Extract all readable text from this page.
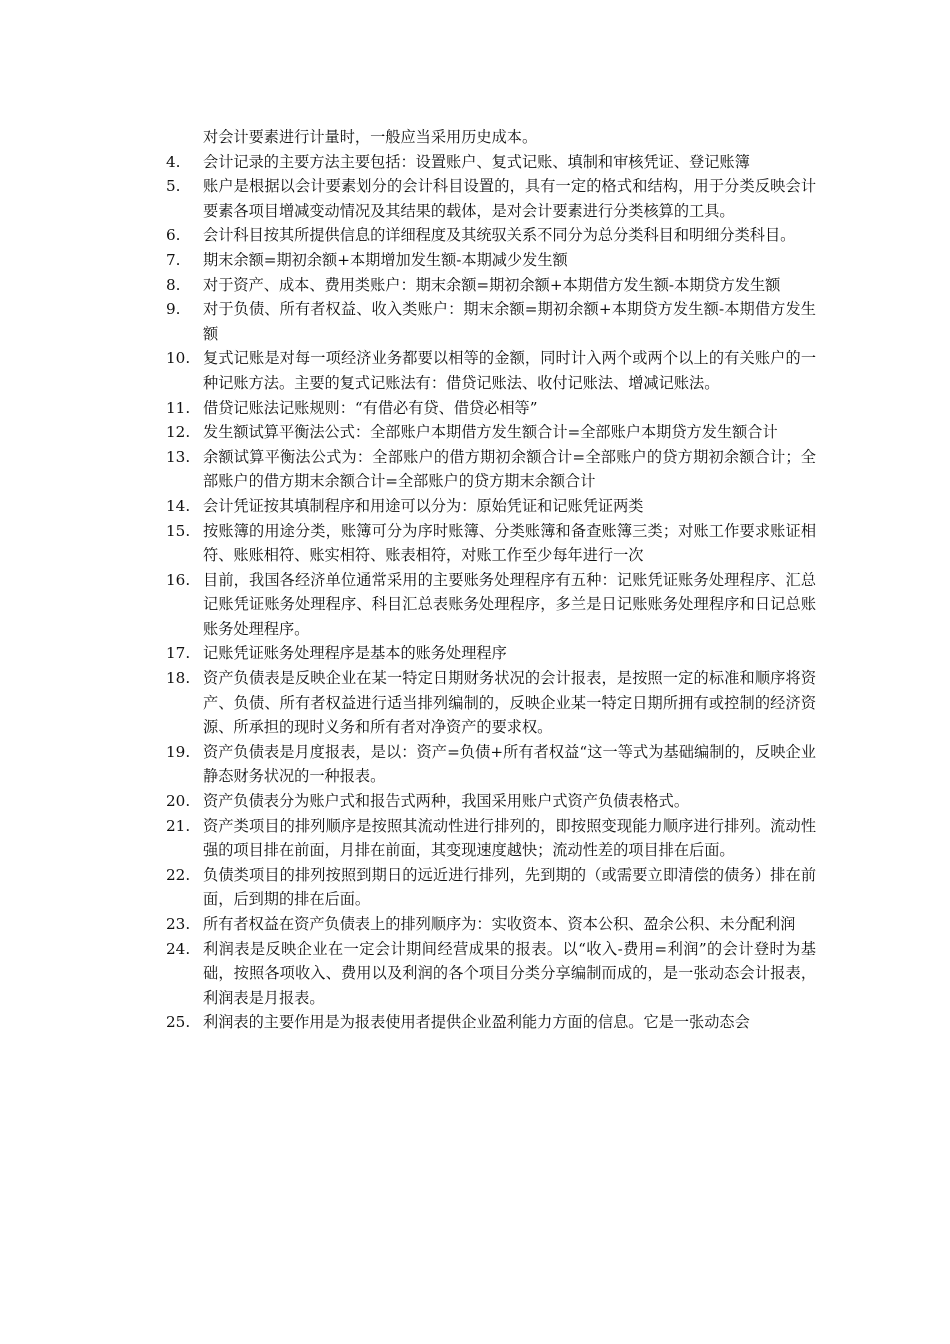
对会计要素进行计量时，一般应当采用历史成本。
4.	会计记录的主要方法主要包括：设置账户、复式记账、填制和审核凭证、登记账簿
5.	账户是根据以会计要素划分的会计科目设置的，具有一定的格式和结构，用于分类反映会计要素各项目增减变动情况及其结果的载体，是对会计要素进行分类核算的工具。
6.	会计科目按其所提供信息的详细程度及其统驭关系不同分为总分类科目和明细分类科目。
7.	期末余额=期初余额+本期增加发生额-本期减少发生额
8.	对于资产、成本、费用类账户：期末余额=期初余额+本期借方发生额-本期贷方发生额
9.	对于负债、所有者权益、收入类账户：期末余额=期初余额+本期贷方发生额-本期借方发生额
10. 复式记账是对每一项经济业务都要以相等的金额，同时计入两个或两个以上的有关账户的一种记账方法。主要的复式记账法有：借贷记账法、收付记账法、增减记账法。
11. 借贷记账法记账规则：“有借必有贷、借贷必相等”
12. 发生额试算平衡法公式：全部账户本期借方发生额合计=全部账户本期贷方发生额合计
13. 余额试算平衡法公式为：全部账户的借方期初余额合计=全部账户的贷方期初余额合计；全部账户的借方期末余额合计=全部账户的贷方期末余额合计
14. 会计凭证按其填制程序和用途可以分为：原始凭证和记账凭证两类
15. 按账簿的用途分类，账簿可分为序时账簿、分类账簿和备查账簿三类；对账工作要求账证相符、账账相符、账实相符、账表相符，对账工作至少每年进行一次
16. 目前，我国各经济单位通常采用的主要账务处理程序有五种：记账凭证账务处理程序、汇总记账凭证账务处理程序、科目汇总表账务处理程序，多兰是日记账账务处理程序和日记总账账务处理程序。
17. 记账凭证账务处理程序是基本的账务处理程序
18. 资产负债表是反映企业在某一特定日期财务状况的会计报表，是按照一定的标准和顺序将资产、负债、所有者权益进行适当排列编制的，反映企业某一特定日期所拥有或控制的经济资源、所承担的现时义务和所有者对净资产的要求权。
19. 资产负债表是月度报表，是以：资产=负债+所有者权益“这一等式为基础编制的，反映企业静态财务状况的一种报表。
20. 资产负债表分为账户式和报告式两种，我国采用账户式资产负债表格式。
21. 资产类项目的排列顺序是按照其流动性进行排列的，即按照变现能力顺序进行排列。流动性强的项目排在前面，月排在前面，其变现速度越快；流动性差的项目排在后面。
22. 负债类项目的排列按照到期日的远近进行排列，先到期的（或需要立即清偿的债务）排在前面，后到期的排在后面。
23. 所有者权益在资产负债表上的排列顺序为：实收资本、资本公积、盈余公积、未分配利润
24. 利润表是反映企业在一定会计期间经营成果的报表。以“收入-费用=利润”的会计登时为基础，按照各项收入、费用以及利润的各个项目分类分享编制而成的，是一张动态会计报表，利润表是月报表。
25. 利润表的主要作用是为报表使用者提供企业盈利能力方面的信息。它是一张动态会
